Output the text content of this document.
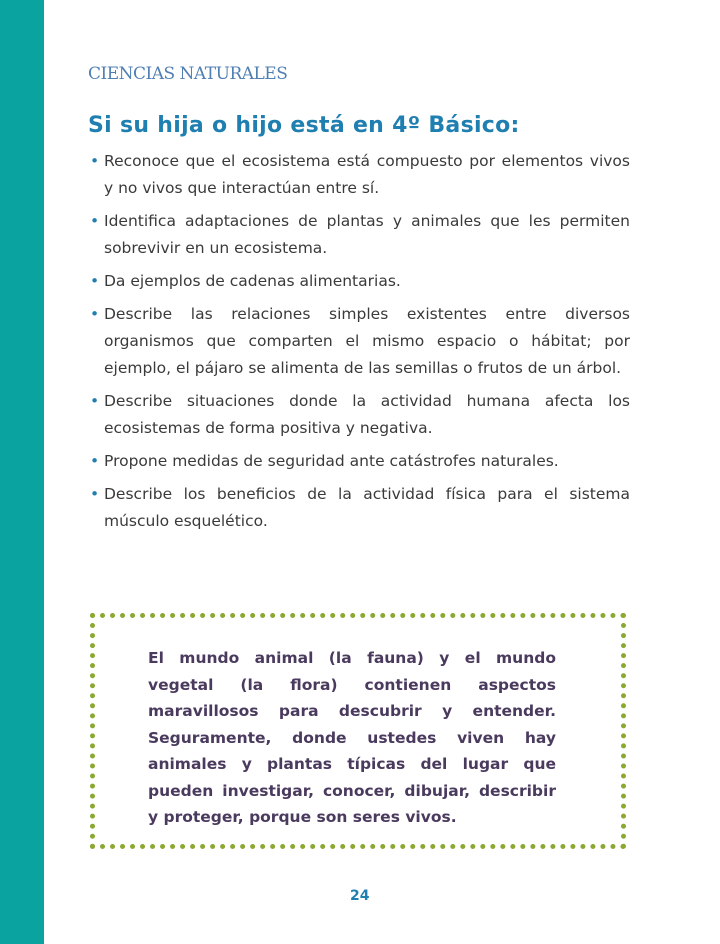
CIENCIAS NATURALES
Si su hija o hijo está en 4º Básico:
• Reconoce que el ecosistema está compuesto por elementos vivos y no vivos que interactúan entre sí.
• Identifica adaptaciones de plantas y animales que les permiten sobrevivir en un ecosistema.
• Da ejemplos de cadenas alimentarias.
• Describe las relaciones simples existentes entre diversos organismos que comparten el mismo espacio o hábitat; por ejemplo, el pájaro se alimenta de las semillas o frutos de un árbol.
• Describe situaciones donde la actividad humana afecta los ecosistemas de forma positiva y negativa.
• Propone medidas de seguridad ante catástrofes naturales.
• Describe los beneficios de la actividad física para el sistema músculo esquelético.

El mundo animal (la fauna) y el mundo vegetal (la flora) contienen aspectos maravillosos para descubrir y entender. Seguramente, donde ustedes viven hay animales y plantas típicas del lugar que pueden investigar, conocer, dibujar, describir y proteger, porque son seres vivos.

24
